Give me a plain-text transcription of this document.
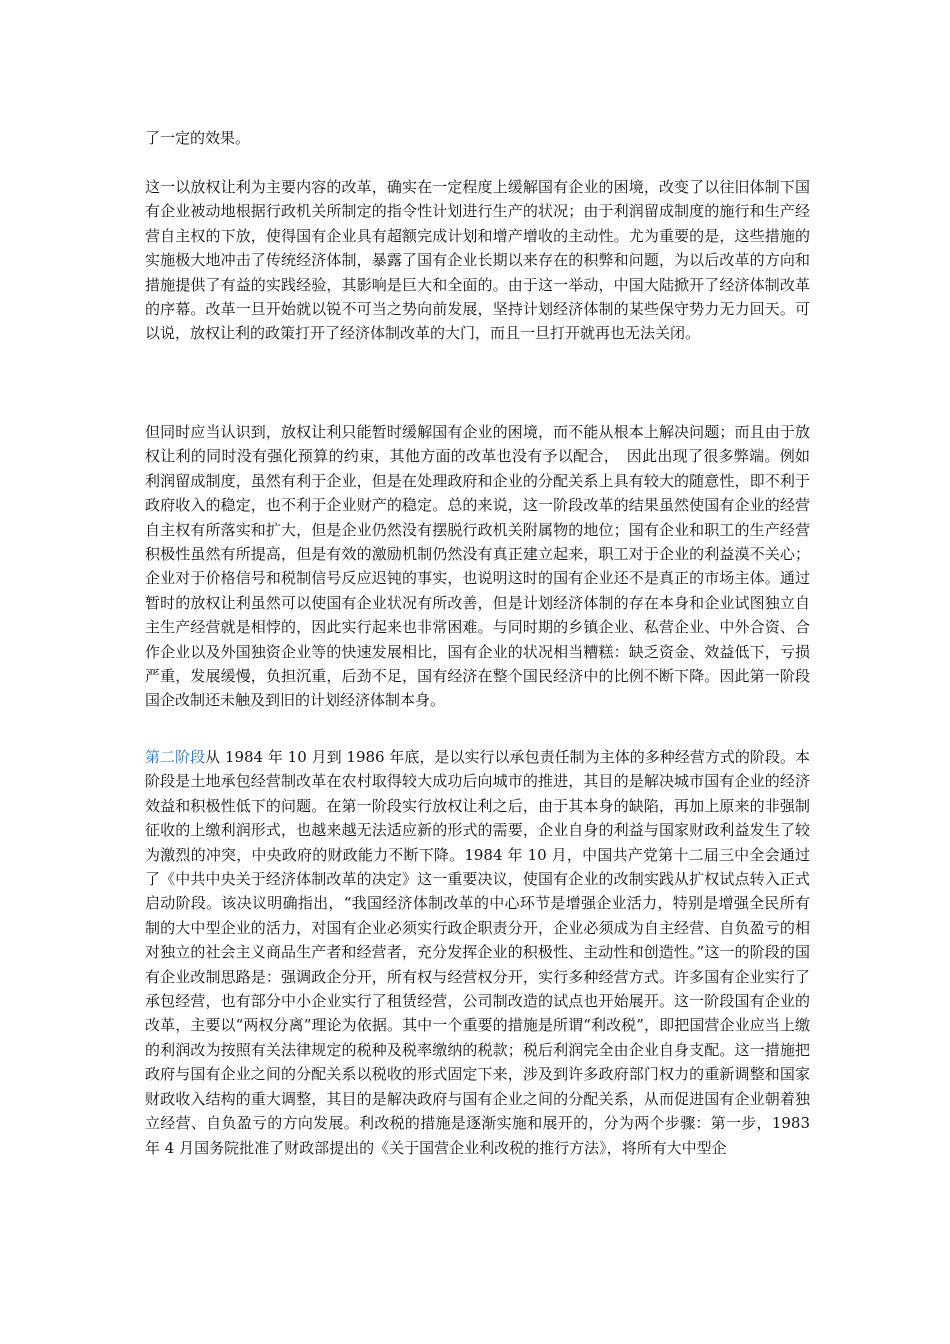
了一定的效果。

这一以放权让利为主要内容的改革，确实在一定程度上缓解国有企业的困境，改变了以往旧体制下国有企业被动地根据行政机关所制定的指令性计划进行生产的状况；由于利润留成制度的施行和生产经营自主权的下放，使得国有企业具有超额完成计划和增产增收的主动性。尤为重要的是，这些措施的实施极大地冲击了传统经济体制，暴露了国有企业长期以来存在的积弊和问题，为以后改革的方向和措施提供了有益的实践经验，其影响是巨大和全面的。由于这一举动，中国大陆掀开了经济体制改革的序幕。改革一旦开始就以锐不可当之势向前发展，坚持计划经济体制的某些保守势力无力回天。可以说，放权让利的政策打开了经济体制改革的大门，而且一旦打开就再也无法关闭。

但同时应当认识到，放权让利只能暂时缓解国有企业的困境，而不能从根本上解决问题；而且由于放权让利的同时没有强化预算的约束，其他方面的改革也没有予以配合，　因此出现了很多弊端。例如利润留成制度，虽然有利于企业，但是在处理政府和企业的分配关系上具有较大的随意性，即不利于政府收入的稳定，也不利于企业财产的稳定。总的来说，这一阶段改革的结果虽然使国有企业的经营自主权有所落实和扩大，但是企业仍然没有摆脱行政机关附属物的地位；国有企业和职工的生产经营积极性虽然有所提高，但是有效的激励机制仍然没有真正建立起来，职工对于企业的利益漠不关心；企业对于价格信号和税制信号反应迟钝的事实，也说明这时的国有企业还不是真正的市场主体。通过暂时的放权让利虽然可以使国有企业状况有所改善，但是计划经济体制的存在本身和企业试图独立自主生产经营就是相悖的，因此实行起来也非常困难。与同时期的乡镇企业、私营企业、中外合资、合作企业以及外国独资企业等的快速发展相比，国有企业的状况相当糟糕：缺乏资金、效益低下，亏损严重，发展缓慢，负担沉重，后劲不足，国有经济在整个国民经济中的比例不断下降。因此第一阶段国企改制还未触及到旧的计划经济体制本身。

第二阶段从 1984 年 10 月到 1986 年底，是以实行以承包责任制为主体的多种经营方式的阶段。本阶段是土地承包经营制改革在农村取得较大成功后向城市的推进，其目的是解决城市国有企业的经济效益和积极性低下的问题。在第一阶段实行放权让利之后，由于其本身的缺陷，再加上原来的非强制征收的上缴利润形式，也越来越无法适应新的形式的需要，企业自身的利益与国家财政利益发生了较为激烈的冲突，中央政府的财政能力不断下降。1984 年 10 月，中国共产党第十二届三中全会通过了《中共中央关于经济体制改革的决定》这一重要决议，使国有企业的改制实践从扩权试点转入正式启动阶段。该决议明确指出，“我国经济体制改革的中心环节是增强企业活力，特别是增强全民所有制的大中型企业的活力，对国有企业必须实行政企职责分开，企业必须成为自主经营、自负盈亏的相对独立的社会主义商品生产者和经营者，充分发挥企业的积极性、主动性和创造性。”这一的阶段的国有企业改制思路是：强调政企分开，所有权与经营权分开，实行多种经营方式。许多国有企业实行了承包经营，也有部分中小企业实行了租赁经营，公司制改造的试点也开始展开。这一阶段国有企业的改革，主要以“两权分离”理论为依据。其中一个重要的措施是所谓“利改税”，即把国营企业应当上缴的利润改为按照有关法律规定的税种及税率缴纳的税款；税后利润完全由企业自身支配。这一措施把政府与国有企业之间的分配关系以税收的形式固定下来，涉及到许多政府部门权力的重新调整和国家财政收入结构的重大调整，其目的是解决政府与国有企业之间的分配关系，从而促进国有企业朝着独立经营、自负盈亏的方向发展。利改税的措施是逐渐实施和展开的，分为两个步骤：第一步，1983 年 4 月国务院批准了财政部提出的《关于国营企业利改税的推行方法》，将所有大中型企
